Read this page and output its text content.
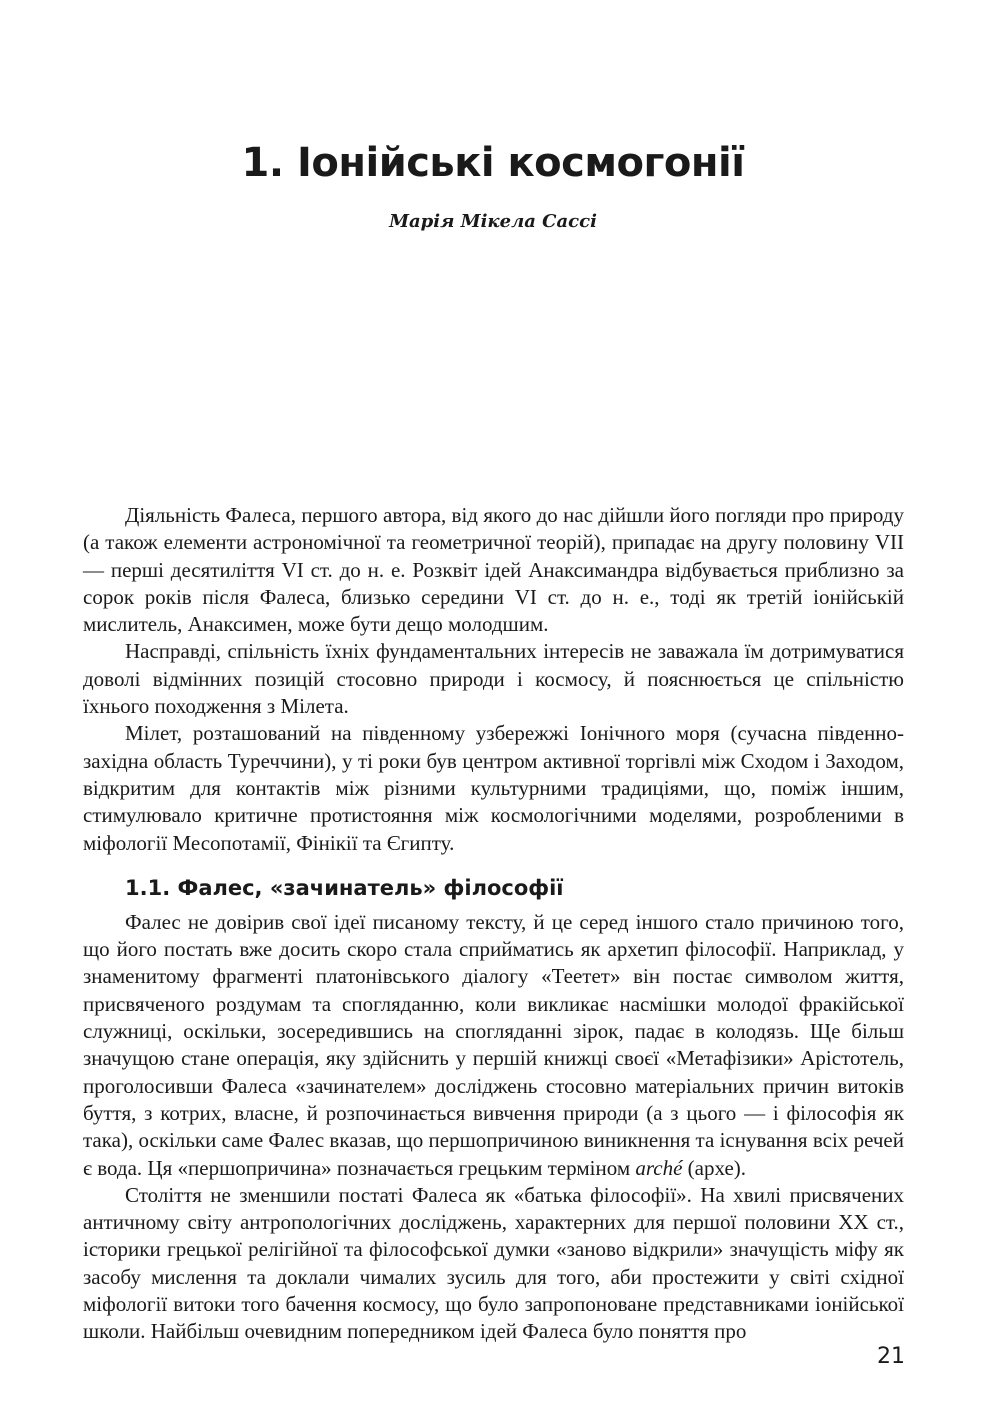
1. Іонійські космогонії

Марія Мікела Сассі

Діяльність Фалеса, першого автора, від якого до нас дійшли його погляди про природу (а також елементи астрономічної та геометричної теорій), припадає на другу половину VII — перші десятиліття VI ст. до н. е. Розквіт ідей Анаксимандра відбувається приблизно за сорок років після Фалеса, близько середини VI ст. до н. е., тоді як третій іонійській мислитель, Анаксимен, може бути дещо молодшим.

Насправді, спільність їхніх фундаментальних інтересів не заважала їм дотримуватися доволі відмінних позицій стосовно природи і космосу, й пояснюється це спільністю їхнього походження з Мілета.

Мілет, розташований на південному узбережжі Іонічного моря (сучасна південно-західна область Туреччини), у ті роки був центром активної торгівлі між Сходом і Заходом, відкритим для контактів між різними культурними традиціями, що, поміж іншим, стимулювало критичне протистояння між космологічними моделями, розробленими в міфології Месопотамії, Фінікії та Єгипту.

1.1. Фалес, «зачинатель» філософії

Фалес не довірив свої ідеї писаному тексту, й це серед іншого стало причиною того, що його постать вже досить скоро стала сприйматись як архетип філософії. Наприклад, у знаменитому фрагменті платонівського діалогу «Теетет» він постає символом життя, присвяченого роздумам та спогляданню, коли викликає насмішки молодої фракійської служниці, оскільки, зосередившись на спогляданні зірок, падає в колодязь. Ще більш значущою стане операція, яку здійснить у першій книжці своєї «Метафізики» Арістотель, проголосивши Фалеса «зачинателем» досліджень стосовно матеріальних причин витоків буття, з котрих, власне, й розпочинається вивчення природи (а з цього — і філософія як така), оскільки саме Фалес вказав, що першопричиною виникнення та існування всіх речей є вода. Ця «першопричина» позначається грецьким терміном arché (архе).

Століття не зменшили постаті Фалеса як «батька філософії». На хвилі присвячених античному світу антропологічних досліджень, характерних для першої половини XX ст., історики грецької релігійної та філософської думки «заново відкрили» значущість міфу як засобу мислення та доклали чималих зусиль для того, аби простежити у світі східної міфології витоки того бачення космосу, що було запропоноване представниками іонійської школи. Найбільш очевидним попередником ідей Фалеса було поняття про

21
